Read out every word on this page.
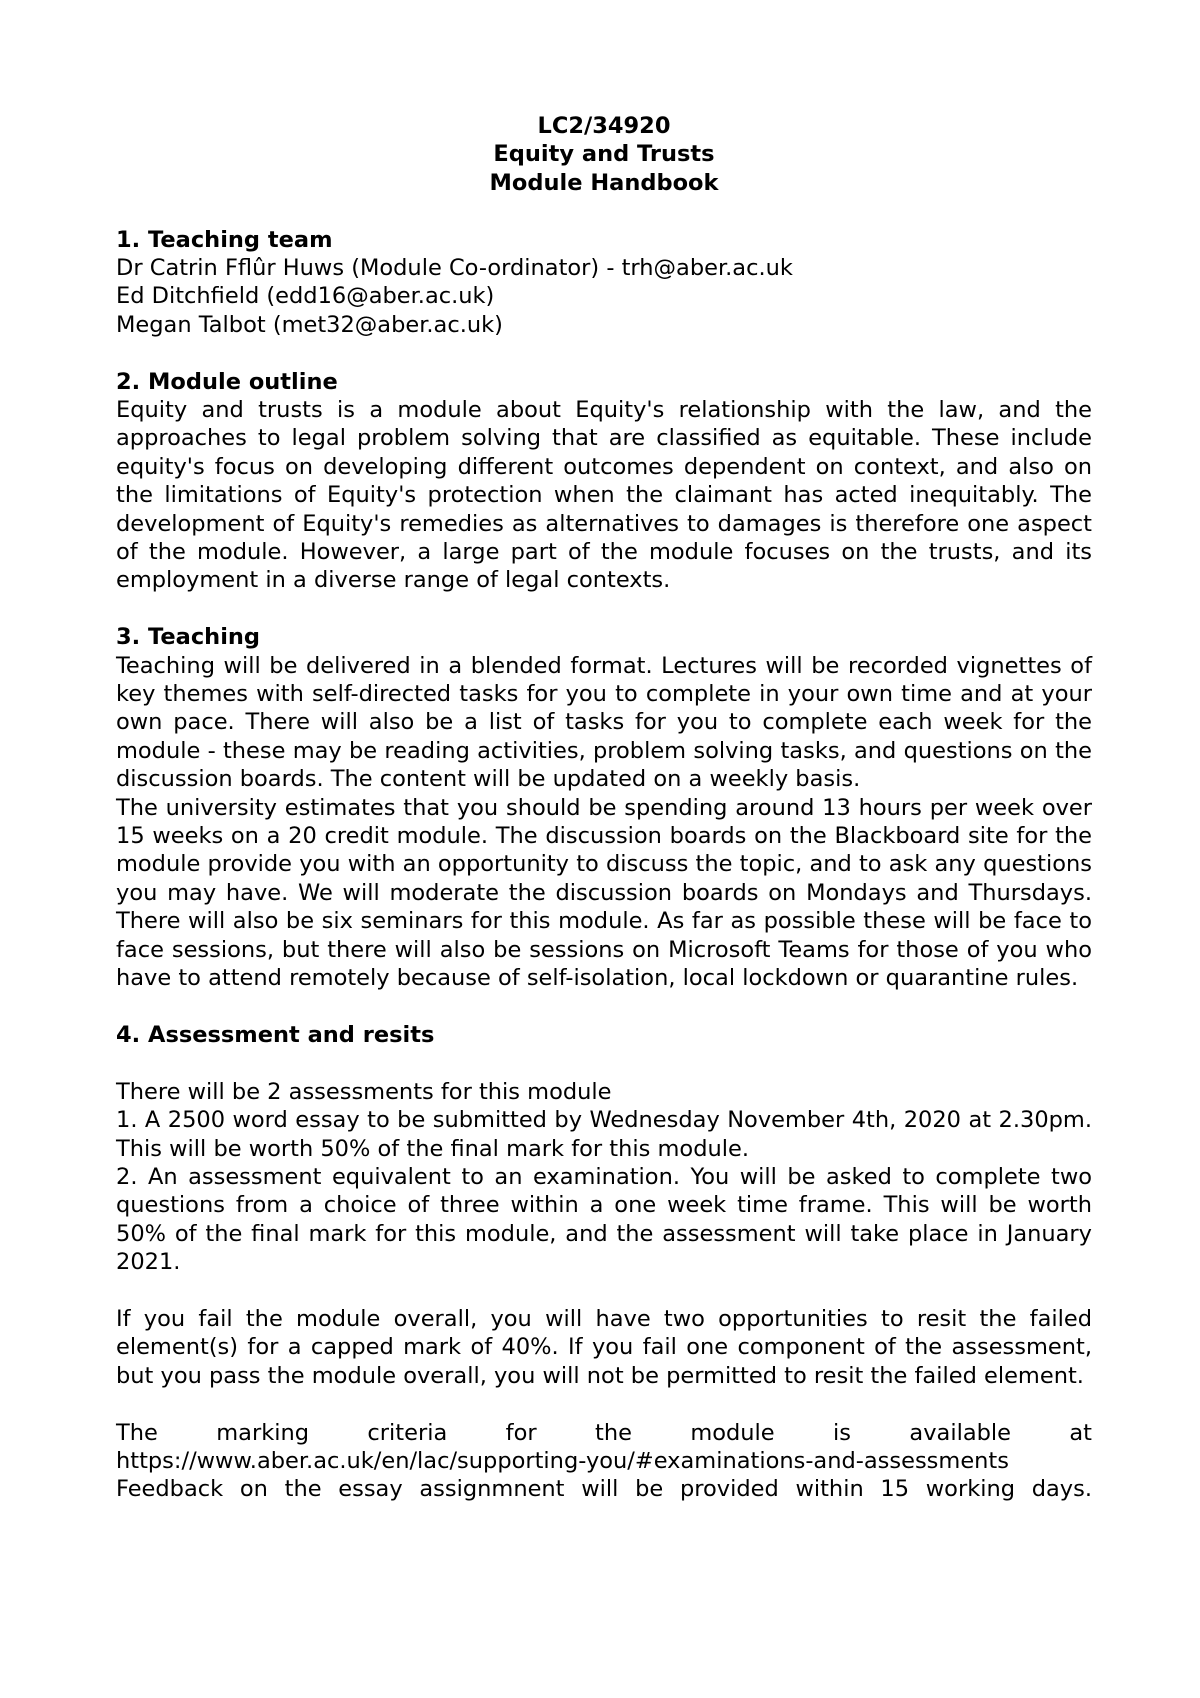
LC2/34920
Equity and Trusts
Module Handbook

1. Teaching team

Dr Catrin Fflûr Huws (Module Co-ordinator) - trh@aber.ac.uk

Ed Ditchfield (edd16@aber.ac.uk)

Megan Talbot (met32@aber.ac.uk)

2. Module outline

Equity and trusts is a module about Equity's relationship with the law, and the approaches to legal problem solving that are classified as equitable. These include equity's focus on developing different outcomes dependent on context, and also on the limitations of Equity's protection when the claimant has acted inequitably. The development of Equity's remedies as alternatives to damages is therefore one aspect of the module. However, a large part of the module focuses on the trusts, and its employment in a diverse range of legal contexts.

3. Teaching

Teaching will be delivered in a blended format. Lectures will be recorded vignettes of key themes with self-directed tasks for you to complete in your own time and at your own pace. There will also be a list of tasks for you to complete each week for the module - these may be reading activities, problem solving tasks, and questions on the discussion boards. The content will be updated on a weekly basis.

The university estimates that you should be spending around 13 hours per week over 15 weeks on a 20 credit module. The discussion boards on the Blackboard site for the module provide you with an opportunity to discuss the topic, and to ask any questions you may have. We will moderate the discussion boards on Mondays and Thursdays. There will also be six seminars for this module. As far as possible these will be face to face sessions, but there will also be sessions on Microsoft Teams for those of you who have to attend remotely because of self-isolation, local lockdown or quarantine rules.

4. Assessment and resits

There will be 2 assessments for this module

1. A 2500 word essay to be submitted by Wednesday November 4th, 2020 at 2.30pm. This will be worth 50% of the final mark for this module.

2. An assessment equivalent to an examination. You will be asked to complete two questions from a choice of three within a one week time frame. This will be worth 50% of the final mark for this module, and the assessment will take place in January 2021.

If you fail the module overall, you will have two opportunities to resit the failed element(s) for a capped mark of 40%. If you fail one component of the assessment, but you pass the module overall, you will not be permitted to resit the failed element.

The marking criteria for the module is available at

https://www.aber.ac.uk/en/lac/supporting-you/#examinations-and-assessments

Feedback on the essay assignmnent will be provided within 15 working days.
